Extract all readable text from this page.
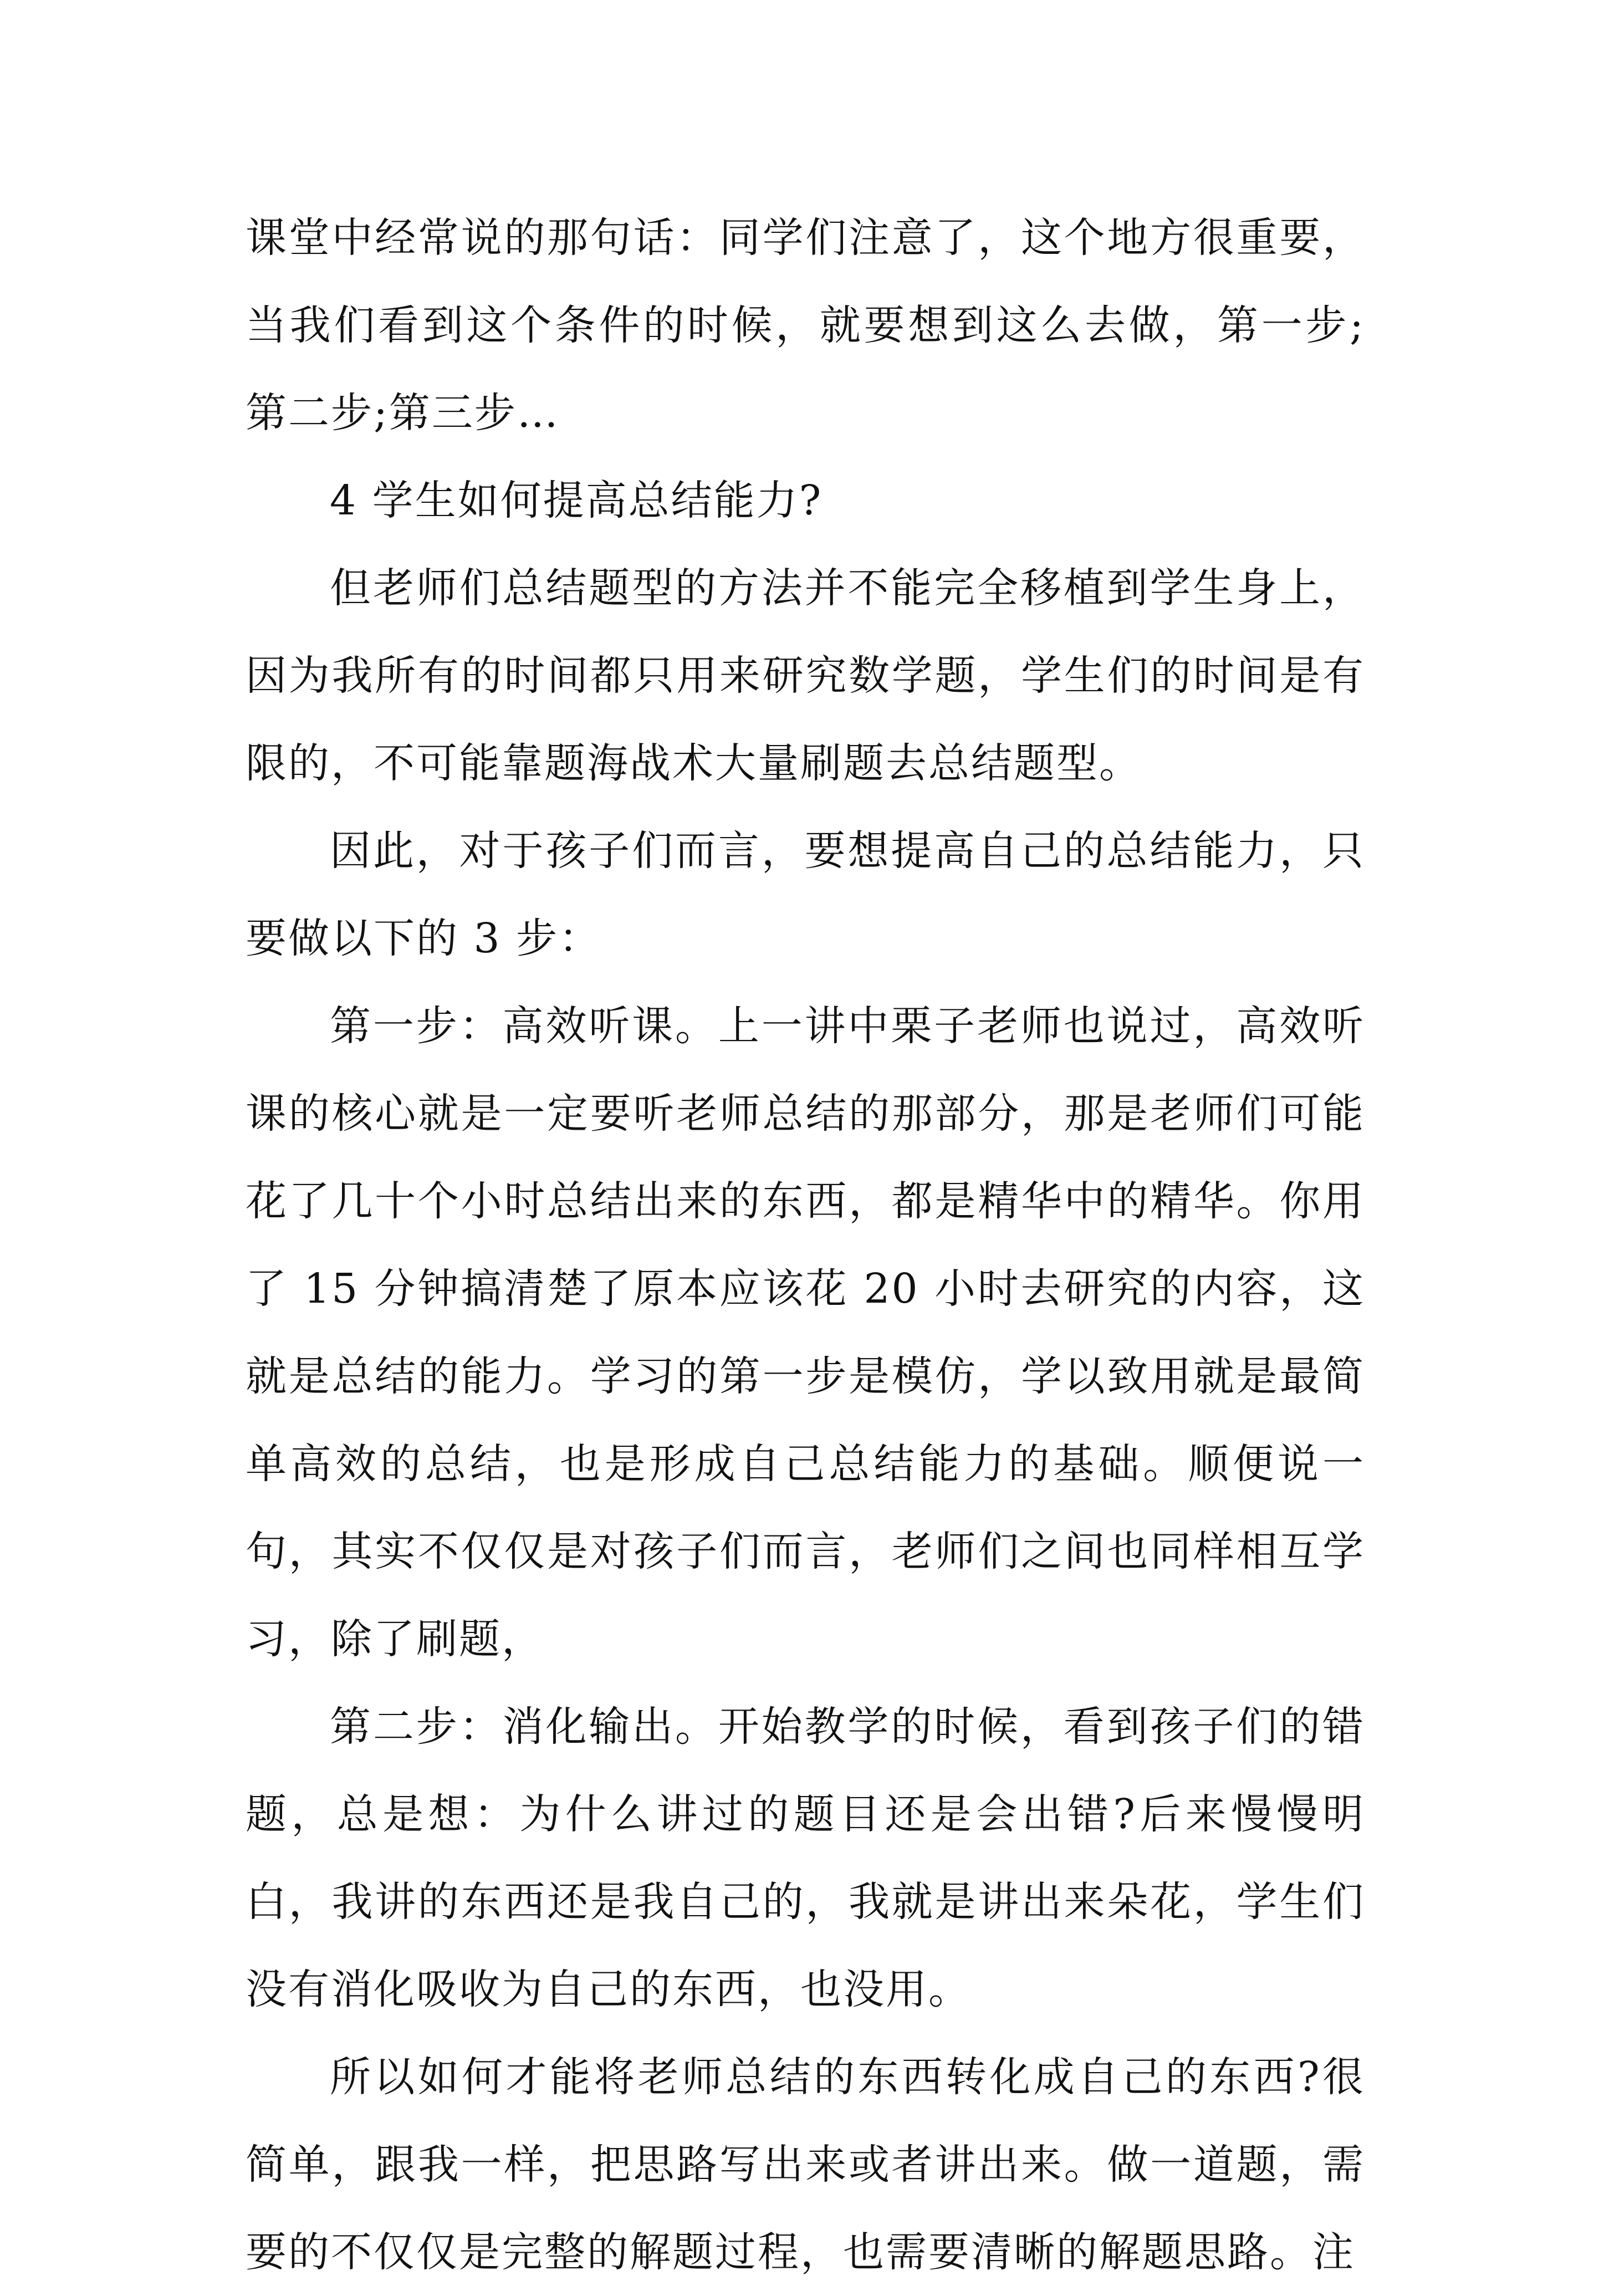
课堂中经常说的那句话：同学们注意了，这个地方很重要，当我们看到这个条件的时候，就要想到这么去做，第一步;第二步;第三步…

4 学生如何提高总结能力?

但老师们总结题型的方法并不能完全移植到学生身上，因为我所有的时间都只用来研究数学题，学生们的时间是有限的，不可能靠题海战术大量刷题去总结题型。

因此，对于孩子们而言，要想提高自己的总结能力，只要做以下的 3 步：

第一步：高效听课。上一讲中栗子老师也说过，高效听课的核心就是一定要听老师总结的那部分，那是老师们可能花了几十个小时总结出来的东西，都是精华中的精华。你用了 15 分钟搞清楚了原本应该花 20 小时去研究的内容，这就是总结的能力。学习的第一步是模仿，学以致用就是最简单高效的总结，也是形成自己总结能力的基础。顺便说一句，其实不仅仅是对孩子们而言，老师们之间也同样相互学习，除了刷题，

第二步：消化输出。开始教学的时候，看到孩子们的错题，总是想：为什么讲过的题目还是会出错?后来慢慢明白，我讲的东西还是我自己的，我就是讲出来朵花，学生们没有消化吸收为自己的东西，也没用。

所以如何才能将老师总结的东西转化成自己的东西?很简单，跟我一样，把思路写出来或者讲出来。做一道题，需要的不仅仅是完整的解题过程，也需要清晰的解题思路。注
